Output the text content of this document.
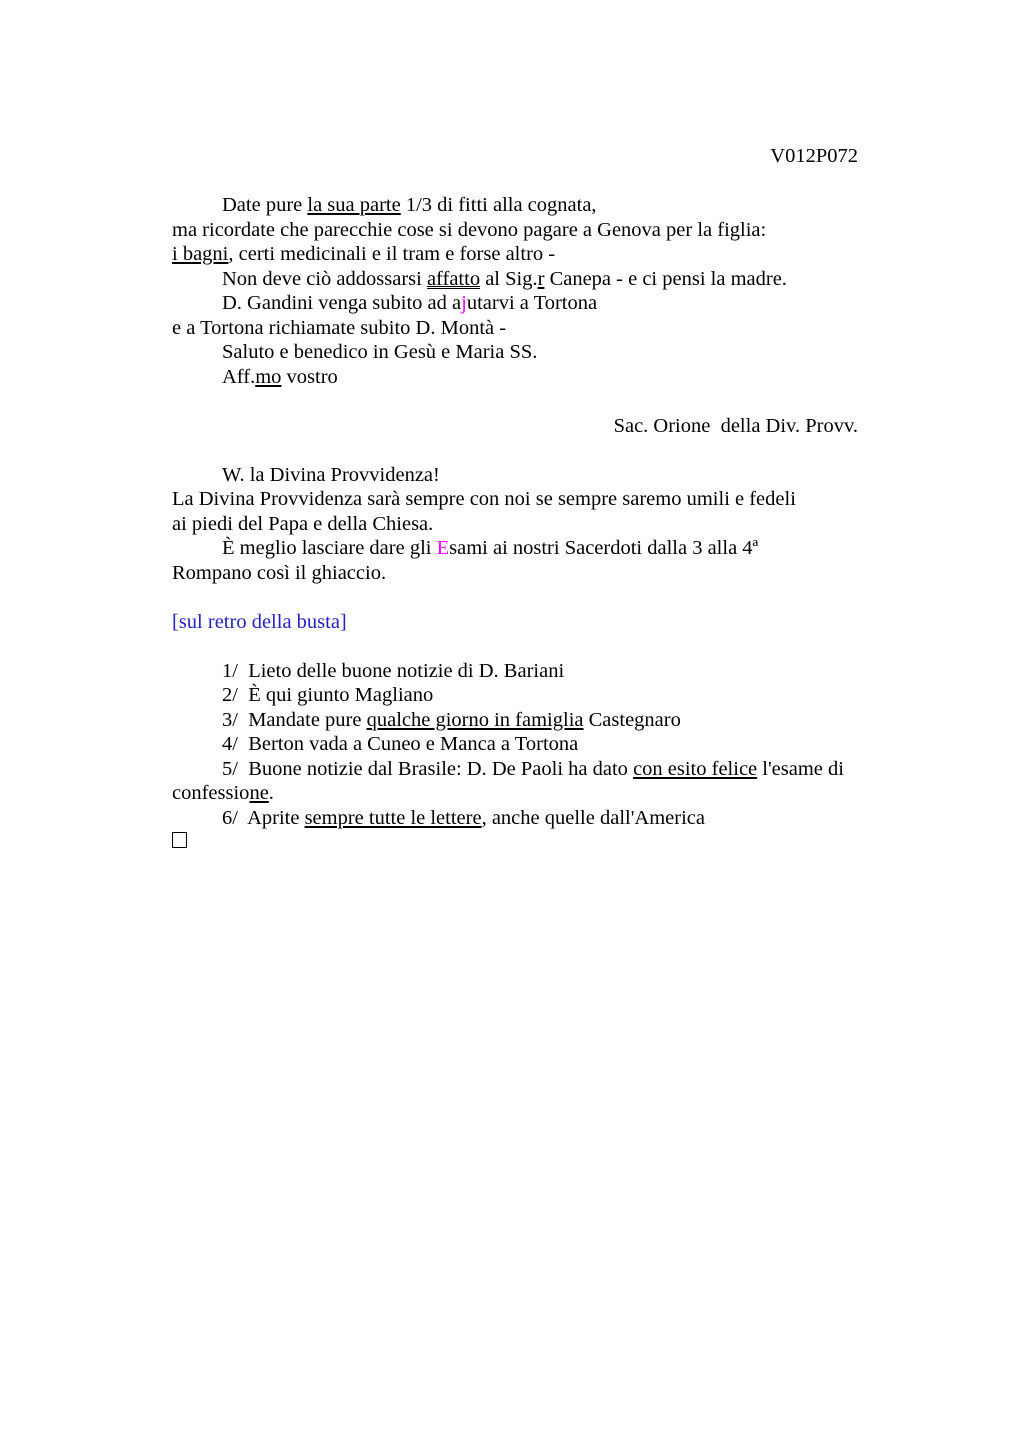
V012P072

Date pure la sua parte 1/3 di fitti alla cognata,
ma ricordate che parecchie cose si devono pagare a Genova per la figlia:
i bagni, certi medicinali e il tram e forse altro -
Non deve ciò addossarsi affatto al Sig.r Canepa - e ci pensi la madre.
D. Gandini venga subito ad ajutarvi a Tortona
e a Tortona richiamate subito D. Montà -
Saluto e benedico in Gesù e Maria SS.
Aff.mo vostro

Sac. Orione  della Div. Provv.

W. la Divina Provvidenza!
La Divina Provvidenza sarà sempre con noi se sempre saremo umili e fedeli
ai piedi del Papa e della Chiesa.
È meglio lasciare dare gli Esami ai nostri Sacerdoti dalla 3 alla 4ª
Rompano così il ghiaccio.

[sul retro della busta]

1/  Lieto delle buone notizie di D. Bariani
2/  È qui giunto Magliano
3/  Mandate pure qualche giorno in famiglia Castegnaro
4/  Berton vada a Cuneo e Manca a Tortona
5/  Buone notizie dal Brasile: D. De Paoli ha dato con esito felice l'esame di
confessione.
6/  Aprite sempre tutte le lettere, anche quelle dall'America
